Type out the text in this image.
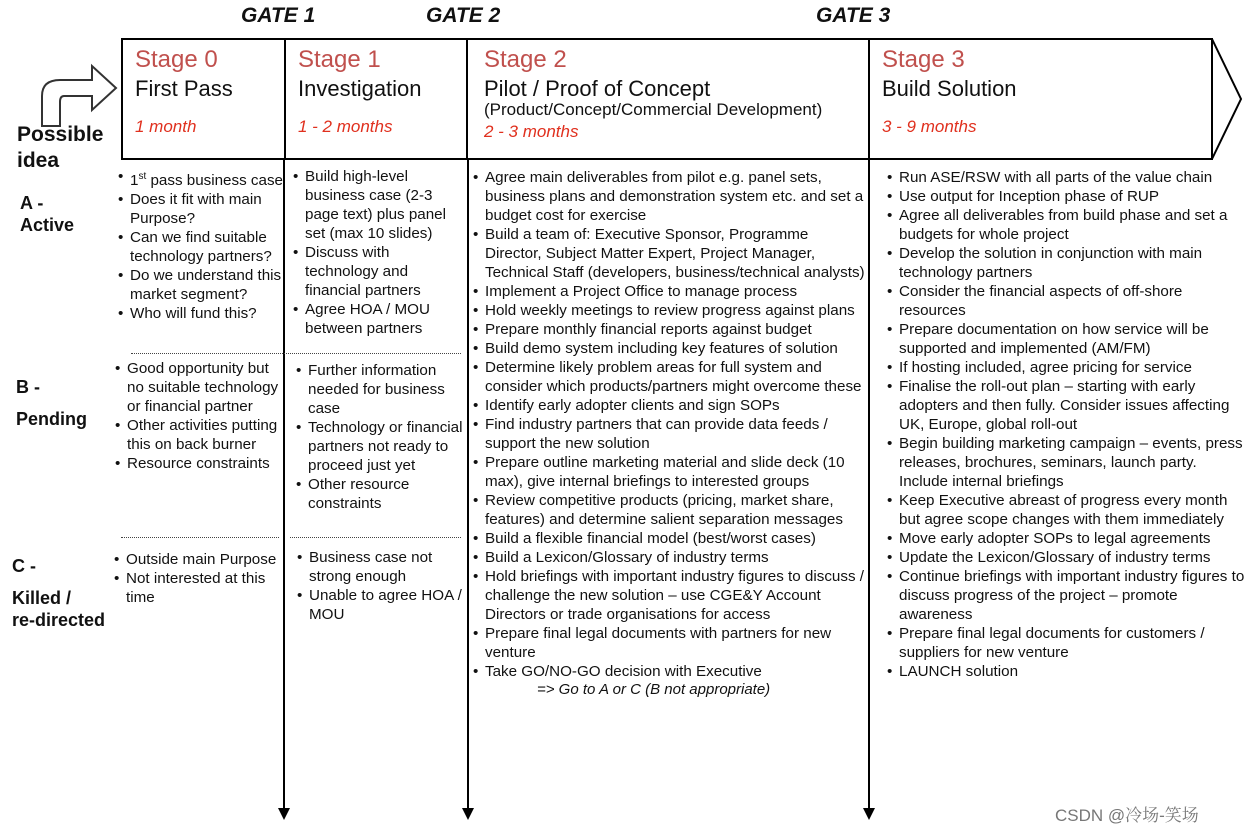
GATE 1	GATE 2	GATE 3
Possible
idea
A -
Active
B -
Pending
C -
Killed /
re-directed
Stage 0
First Pass
1 month
Stage 1
Investigation
1 - 2 months
Stage 2
Pilot / Proof of Concept
(Product/Concept/Commercial Development)
2 - 3 months
Stage 3
Build Solution
3 - 9 months
• 1st pass business case
• Does it fit with main Purpose?
• Can we find suitable technology partners?
• Do we understand this market segment?
• Who will fund this?
• Good opportunity but no suitable technology or financial partner
• Other activities putting this on back burner
• Resource constraints
• Outside main Purpose
• Not interested at this time
• Build high-level business case (2-3 page text) plus panel set (max 10 slides)
• Discuss with technology and financial partners
• Agree HOA / MOU between partners
• Further information needed for business case
• Technology or financial partners not ready to proceed just yet
• Other resource constraints
• Business case not strong enough
• Unable to agree HOA / MOU
• Agree main deliverables from pilot e.g. panel sets, business plans and demonstration system etc. and set a budget cost for exercise
• Build a team of: Executive Sponsor, Programme Director, Subject Matter Expert, Project Manager, Technical Staff (developers, business/technical analysts)
• Implement a Project Office to manage process
• Hold weekly meetings to review progress against plans
• Prepare monthly financial reports against budget
• Build demo system including key features of solution
• Determine likely problem areas for full system and consider which products/partners might overcome these
• Identify early adopter clients and sign SOPs
• Find industry partners that can provide data feeds / support the new solution
• Prepare outline marketing material and slide deck (10 max), give internal briefings to interested groups
• Review competitive products (pricing, market share, features) and determine salient separation messages
• Build a flexible financial model (best/worst cases)
• Build a Lexicon/Glossary of industry terms
• Hold briefings with important industry figures to discuss / challenge the new solution – use CGE&Y Account Directors or trade organisations for access
• Prepare final legal documents with partners for new venture
• Take GO/NO-GO decision with Executive
=> Go to A or C (B not appropriate)
• Run ASE/RSW with all parts of the value chain
• Use output for Inception phase of RUP
• Agree all deliverables from build phase and set a budgets for whole project
• Develop the solution in conjunction with main technology partners
• Consider the financial aspects of off-shore resources
• Prepare documentation on how service will be supported and implemented (AM/FM)
• If hosting included, agree pricing for service
• Finalise the roll-out plan – starting with early adopters and then fully. Consider issues affecting UK, Europe, global roll-out
• Begin building marketing campaign – events, press releases, brochures, seminars, launch party. Include internal briefings
• Keep Executive abreast of progress every month but agree scope changes with them immediately
• Move early adopter SOPs to legal agreements
• Update the Lexicon/Glossary of industry terms
• Continue briefings with important industry figures to discuss progress of the project – promote awareness
• Prepare final legal documents for customers / suppliers for new venture
• LAUNCH solution
CSDN @冷场-笑场
